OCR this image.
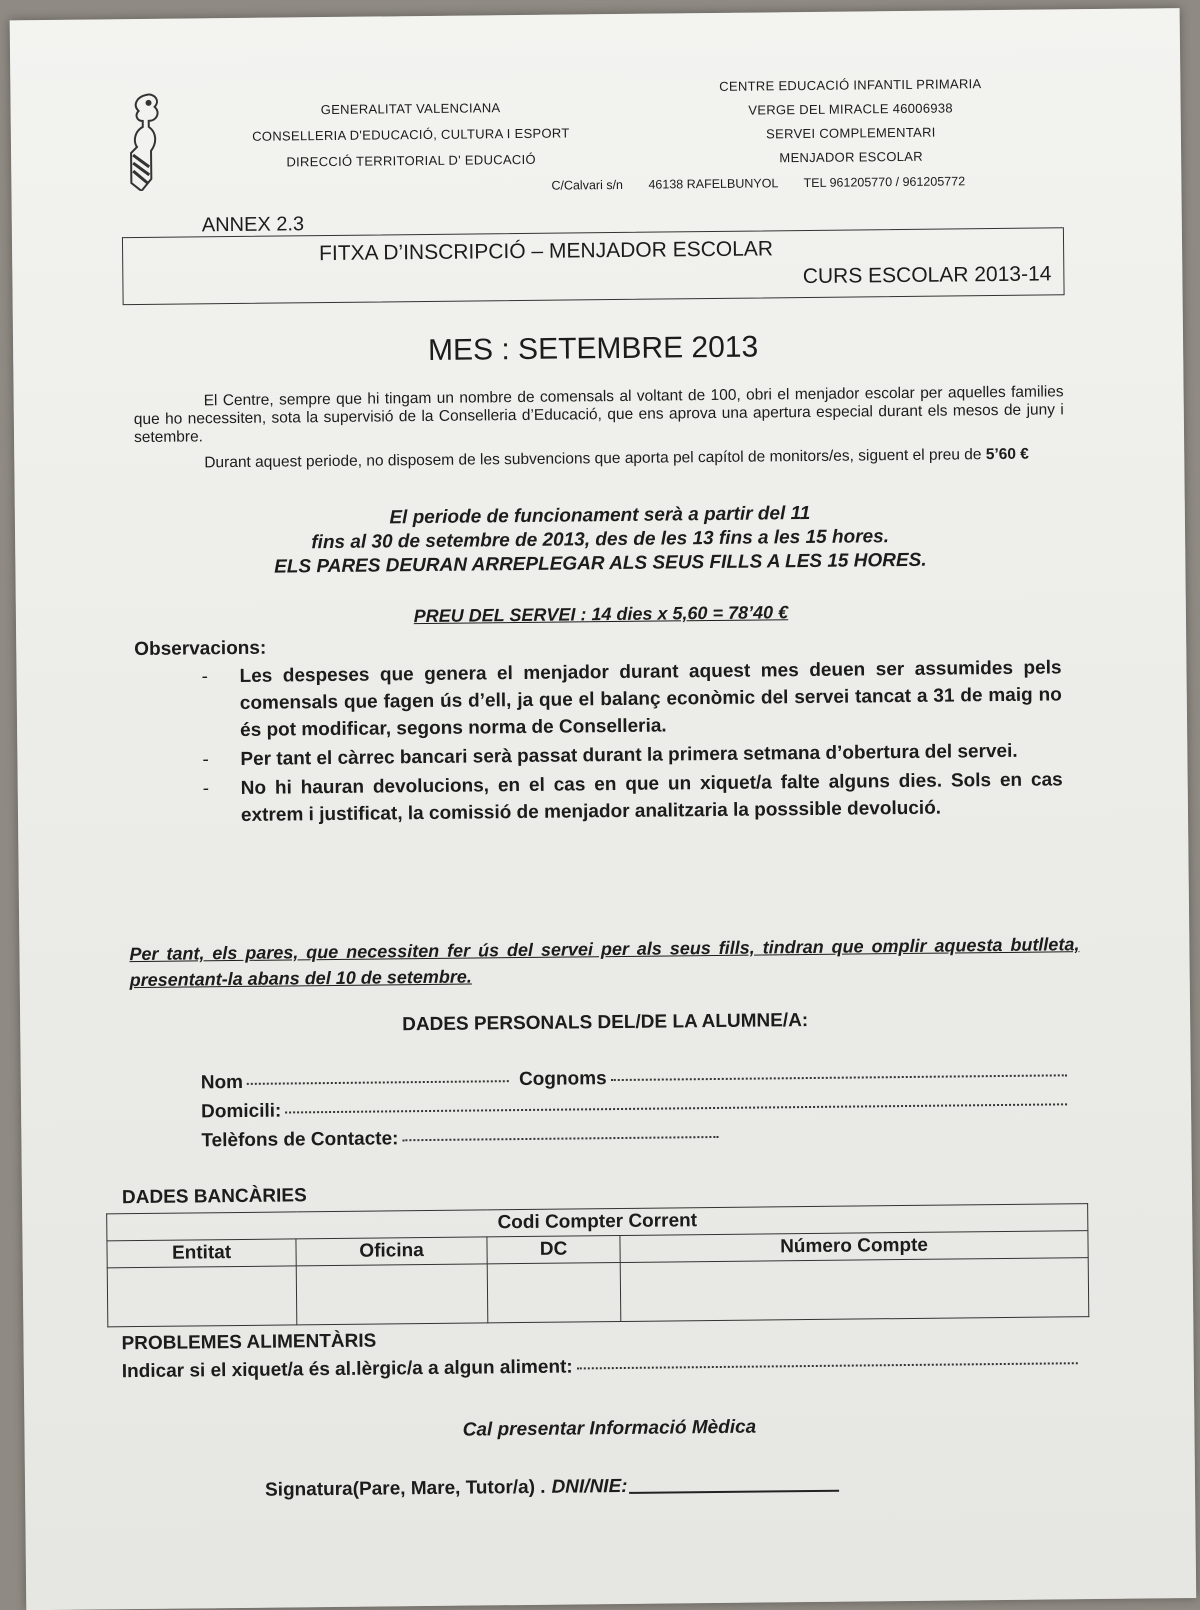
GENERALITAT VALENCIANA
CONSELLERIA D'EDUCACIÓ, CULTURA I ESPORT
DIRECCIÓ TERRITORIAL D' EDUCACIÓ
CENTRE EDUCACIÓ INFANTIL PRIMARIA
VERGE DEL MIRACLE 46006938
SERVEI COMPLEMENTARI
MENJADOR ESCOLAR
C/Calvari s/n 46138 RAFELBUNYOL TEL 961205770 / 961205772
ANNEX 2.3
FITXA D’INSCRIPCIÓ – MENJADOR ESCOLAR
CURS ESCOLAR 2013-14
MES : SETEMBRE 2013
El Centre, sempre que hi tingam un nombre de comensals al voltant de 100, obri el menjador escolar per aquelles families que ho necessiten, sota la supervisió de la Conselleria d’Educació, que ens aprova una apertura especial durant els mesos de juny i setembre.
Durant aquest periode, no disposem de les subvencions que aporta pel capítol de monitors/es, siguent el preu de 5’60 €
El periode de funcionament serà a partir del 11
fins al 30 de setembre de 2013, des de les 13 fins a les 15 hores.
ELS PARES DEURAN ARREPLEGAR ALS SEUS FILLS A LES 15 HORES.
PREU DEL SERVEI : 14 dies x 5,60 = 78’40 €
Observacions:
- Les despeses que genera el menjador durant aquest mes deuen ser assumides pels comensals que fagen ús d’ell, ja que el balanç econòmic del servei tancat a 31 de maig no és pot modificar, segons norma de Conselleria.
- Per tant el càrrec bancari serà passat durant la primera setmana d’obertura del servei.
- No hi hauran devolucions, en el cas en que un xiquet/a falte alguns dies. Sols en cas extrem i justificat, la comissió de menjador analitzaria la posssible devolució.
Per tant, els pares, que necessiten fer ús del servei per als seus fills, tindran que omplir aquesta butlleta, presentant-la abans del 10 de setembre.
DADES PERSONALS DEL/DE LA ALUMNE/A:
Nom	Cognoms
Domicili:
Telèfons de Contacte:
DADES BANCÀRIES
Codi Compter Corrent			
Entitat	Oficina	DC	Número Compte

PROBLEMES ALIMENTÀRIS
Indicar si el xiquet/a és al.lèrgic/a a algun aliment:
Cal presentar Informació Mèdica
Signatura(Pare, Mare, Tutor/a) . DNI/NIE:
